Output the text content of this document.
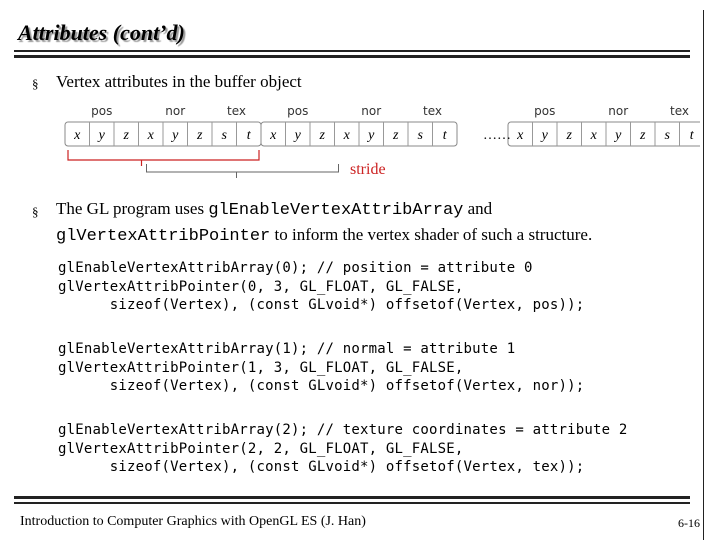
Attributes (cont’d)
§ Vertex attributes in the buffer object
pos	nor	tex	pos	nor	tex	pos	nor	tex
x y z x y z s t x y z x y z s t	x y z x y z s t
……
stride
§ The GL program uses glEnableVertexAttribArray and
glVertexAttribPointer to inform the vertex shader of such a structure.
glEnableVertexAttribArray(0); // position = attribute 0
glVertexAttribPointer(0, 3, GL_FLOAT, GL_FALSE,
sizeof(Vertex), (const GLvoid*) offsetof(Vertex, pos));
glEnableVertexAttribArray(1); // normal = attribute 1
glVertexAttribPointer(1, 3, GL_FLOAT, GL_FALSE,
sizeof(Vertex), (const GLvoid*) offsetof(Vertex, nor));
glEnableVertexAttribArray(2); // texture coordinates = attribute 2
glVertexAttribPointer(2, 2, GL_FLOAT, GL_FALSE,
sizeof(Vertex), (const GLvoid*) offsetof(Vertex, tex));
Introduction to Computer Graphics with OpenGL ES (J. Han)	6-16
